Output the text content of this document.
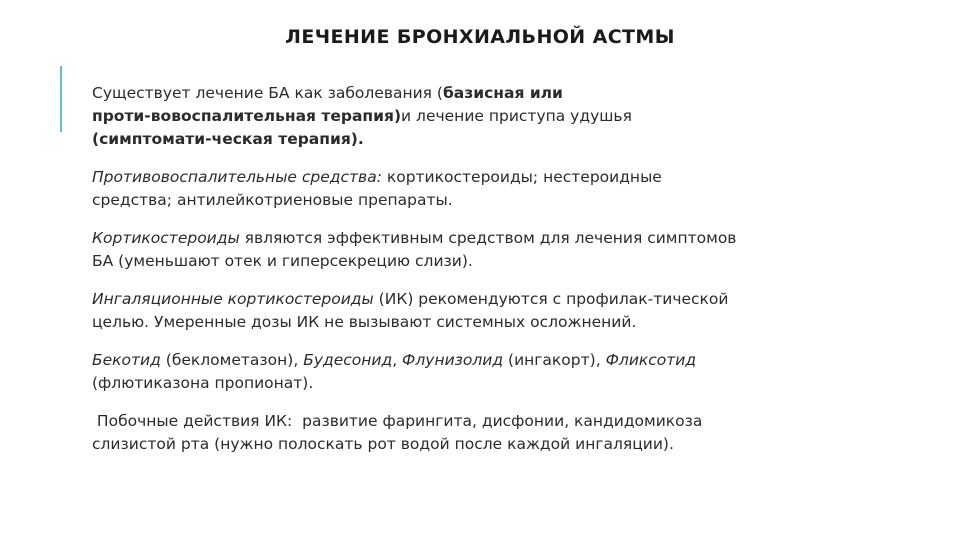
ЛЕЧЕНИЕ БРОНХИАЛЬНОЙ АСТМЫ

Существует лечение БА как заболевания (базисная или
проти-вовоспалительная терапия)и лечение приступа удушья
(симптомати-ческая терапия).

Противовоспалительные средства: кортикостероиды; нестероидные
средства; антилейкотриеновые препараты.

Кортикостероиды являются эффективным средством для лечения симптомов
БА (уменьшают отек и гиперсекрецию слизи).

Ингаляционные кортикостероиды (ИК) рекомендуются с профилак-тической
целью. Умеренные дозы ИК не вызывают системных осложнений.

Бекотид (беклометазон), Будесонид, Флунизолид (ингакорт), Фликсотид
(флютиказона пропионат).

Побочные действия ИК:  развитие фарингита, дисфонии, кандидомикоза
слизистой рта (нужно полоскать рот водой после каждой ингаляции).
